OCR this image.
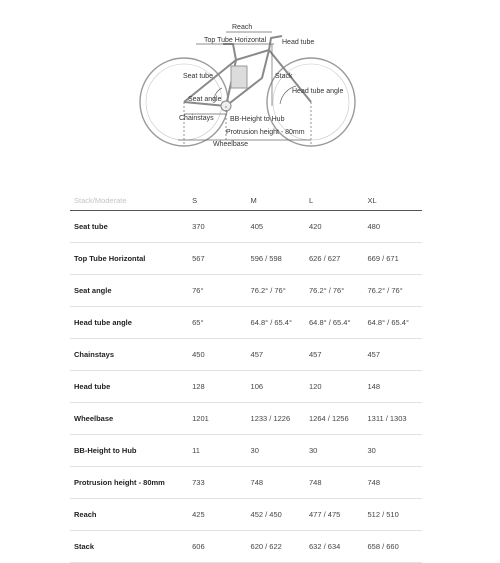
Reach
Top Tube Horizontal Head tube
Seat tube	Stack
Head tube angle
Seat angle
Chainstays BB-Height to Hub
Protrusion height - 80mm
Wheelbase
Stack/Moderate	S	M	L	XL
Seat tube	370	405	420	480
Top Tube Horizontal	567	596 / 598	626 / 627	669 / 671
Seat angle	76°	76.2° / 76°	76.2° / 76°	76.2° / 76°
Head tube angle	65°	64.8° / 65.4°	64.8° / 65.4°	64.8° / 65.4°
Chainstays	450	457	457	457
Head tube	128	106	120	148
Wheelbase	1201	1233 / 1226	1264 / 1256	1311 / 1303
BB-Height to Hub	11	30	30	30
Protrusion height - 80mm	733	748	748	748
Reach	425	452 / 450	477 / 475	512 / 510
Stack	606	620 / 622	632 / 634	658 / 660
